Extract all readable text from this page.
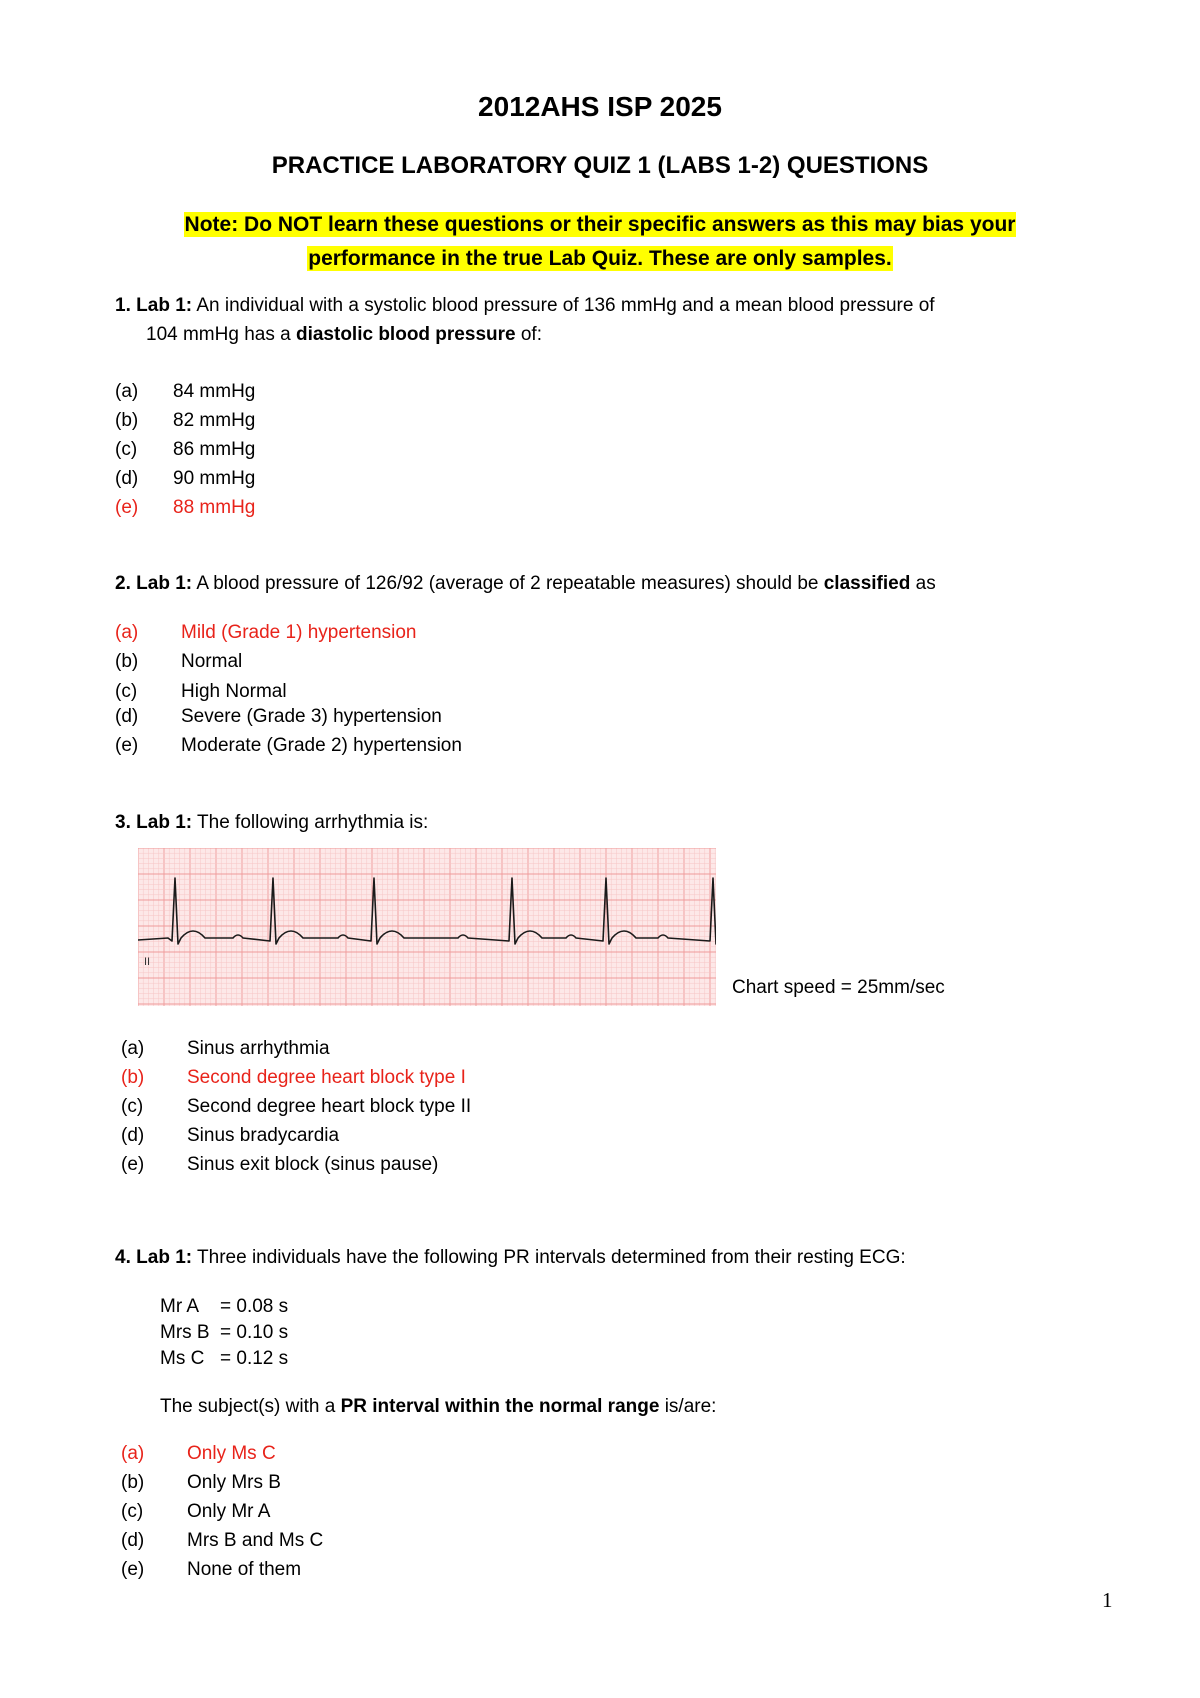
2012AHS ISP 2025
PRACTICE LABORATORY QUIZ 1 (LABS 1-2) QUESTIONS
Note: Do NOT learn these questions or their specific answers as this may bias your
performance in the true Lab Quiz. These are only samples.
1. Lab 1: An individual with a systolic blood pressure of 136 mmHg and a mean blood pressure of
104 mmHg has a diastolic blood pressure of:
(a) 84 mmHg
(b) 82 mmHg
(c) 86 mmHg
(d) 90 mmHg
(e) 88 mmHg
2. Lab 1: A blood pressure of 126/92 (average of 2 repeatable measures) should be classified as
(a) Mild (Grade 1) hypertension
(b) Normal
(c) High Normal
(d) Severe (Grade 3) hypertension
(e) Moderate (Grade 2) hypertension
3. Lab 1: The following arrhythmia is:
II
Chart speed = 25mm/sec
(a) Sinus arrhythmia
(b) Second degree heart block type I
(c) Second degree heart block type II
(d) Sinus bradycardia
(e) Sinus exit block (sinus pause)
4. Lab 1: Three individuals have the following PR intervals determined from their resting ECG:
Mr A = 0.08 s
Mrs B = 0.10 s
Ms C = 0.12 s
The subject(s) with a PR interval within the normal range is/are:
(a) Only Ms C
(b) Only Mrs B
(c) Only Mr A
(d) Mrs B and Ms C
(e) None of them
1
